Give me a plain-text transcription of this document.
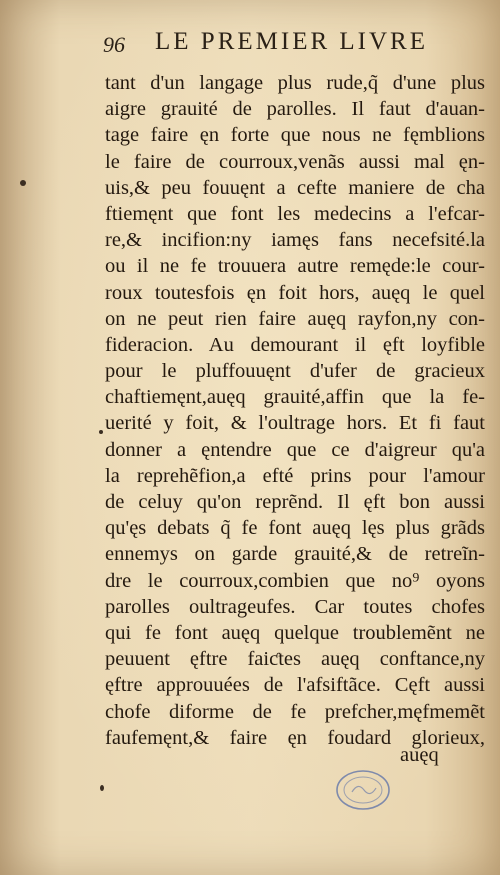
96 LE PREMIER LIVRE
tant d'un langage plus rude,q̃ d'une plus
aigre grauité de parolles. Il faut d'auan-
tage faire ęn forte que nous ne fęmblions
le faire de courroux,venãs aussi mal ęn-
uis,& peu fouuęnt a cefte maniere de cha
ftiemęnt que font les medecins a l'efcar-
re,& incifion:ny iamęs fans necefsité.la
ou il ne fe trouuera autre remęde:le cour-
roux toutesfois ęn foit hors, auęq le quel
on ne peut rien faire auęq rayfon,ny con-
fideracion. Au demourant il ęft loyfible
pour le pluffouuęnt d'ufer de gracieux
chaftiemęnt,auęq grauité,affin que la fe-
uerité y foit, & l'oultrage hors. Et fi faut
donner a ęntendre que ce d'aigreur qu'a
la reprehẽfion,a efté prins pour l'amour
de celuy qu'on reprẽnd. Il ęft bon aussi
qu'ęs debats q̃ fe font auęq lęs plus grãds
ennemys on garde grauité,& de retreĩn-
dre le courroux,combien que no⁹ oyons
parolles oultrageufes. Car toutes chofes
qui fe font auęq quelque troublemẽnt ne
peuuent ęftre faiƈtes auęq conftance,ny
ęftre approuuées de l'afsiftãce. Cęft aussi
chofe diforme de fe prefcher,męfmemẽt
faufemęnt,& faire ęn foudard glorieux,
auęq
